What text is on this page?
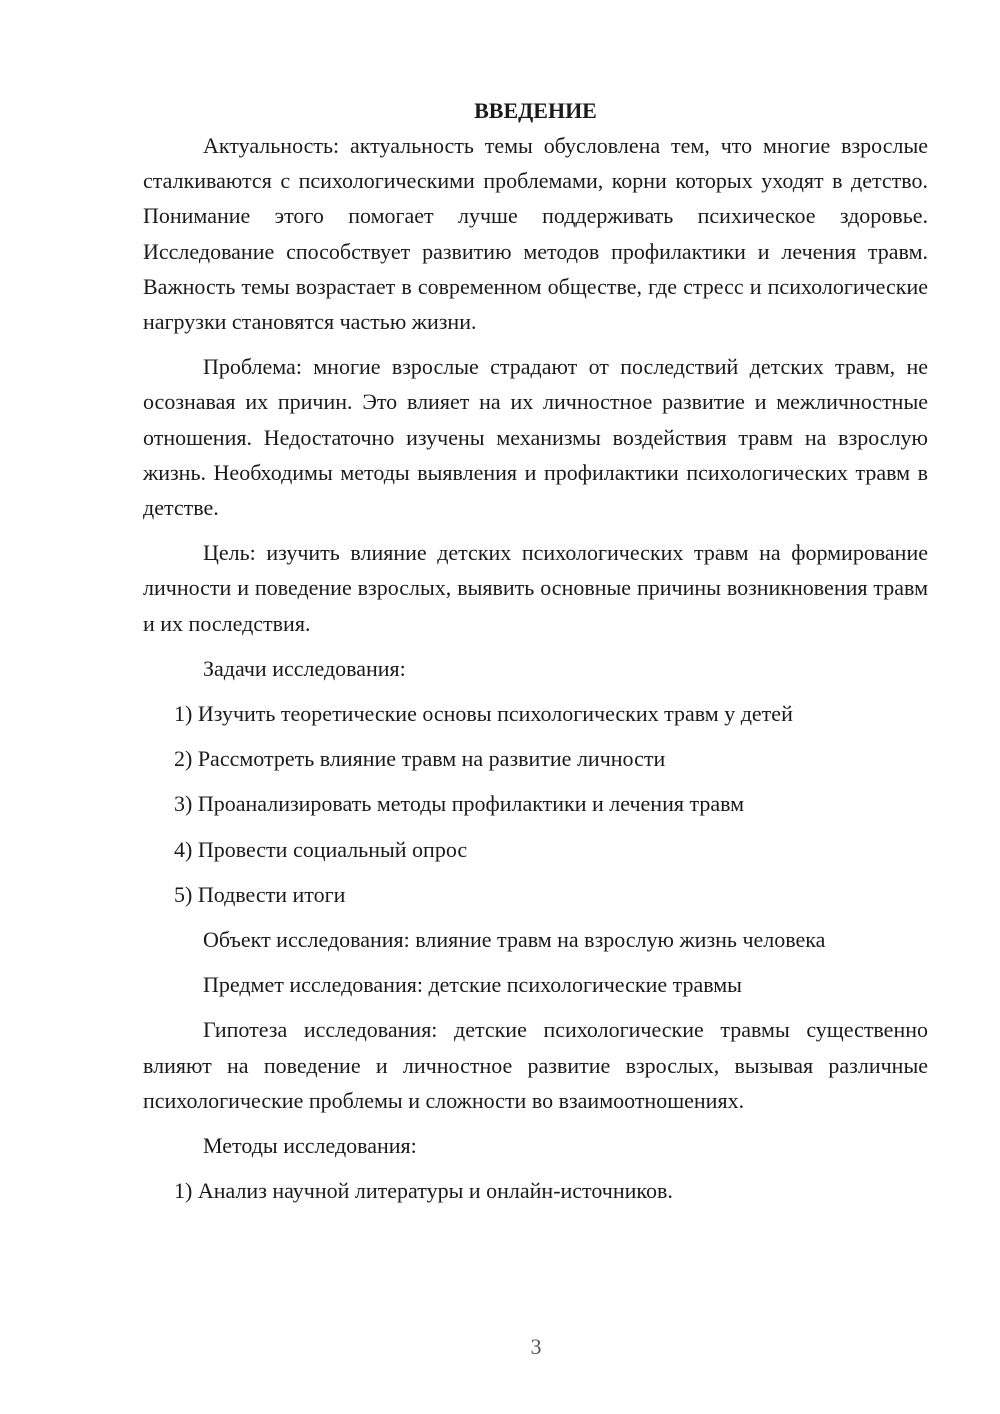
ВВЕДЕНИЕ

Актуальность: актуальность темы обусловлена тем, что многие взрослые сталкиваются с психологическими проблемами, корни которых уходят в детство. Понимание этого помогает лучше поддерживать психическое здоровье. Исследование способствует развитию методов профилактики и лечения травм. Важность темы возрастает в современном обществе, где стресс и психологические нагрузки становятся частью жизни.

Проблема: многие взрослые страдают от последствий детских травм, не осознавая их причин. Это влияет на их личностное развитие и межличностные отношения. Недостаточно изучены механизмы воздействия травм на взрослую жизнь. Необходимы методы выявления и профилактики психологических травм в детстве.

Цель: изучить влияние детских психологических травм на формирование личности и поведение взрослых, выявить основные причины возникновения травм и их последствия.

Задачи исследования:

1) Изучить теоретические основы психологических травм у детей
2) Рассмотреть влияние травм на развитие личности
3) Проанализировать методы профилактики и лечения травм
4) Провести социальный опрос
5) Подвести итоги

Объект исследования: влияние травм на взрослую жизнь человека

Предмет исследования: детские психологические травмы

Гипотеза исследования: детские психологические травмы существенно влияют на поведение и личностное развитие взрослых, вызывая различные психологические проблемы и сложности во взаимоотношениях.

Методы исследования:

1) Анализ научной литературы и онлайн-источников.
3
